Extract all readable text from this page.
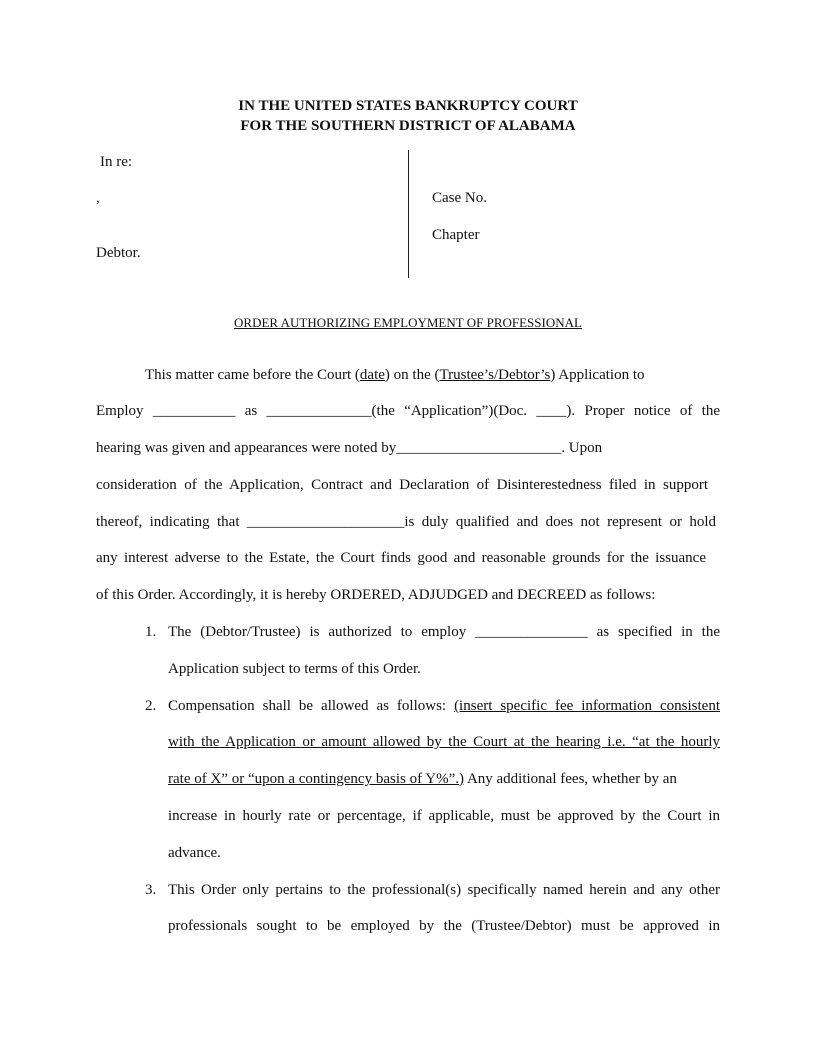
IN THE UNITED STATES BANKRUPTCY COURT
FOR THE SOUTHERN DISTRICT OF ALABAMA
In re:
,
Debtor.
Case No.
Chapter
ORDER AUTHORIZING EMPLOYMENT OF PROFESSIONAL
This matter came before the Court (date) on the (Trustee’s/Debtor’s) Application to
Employ ___________ as ______________(the “Application”)(Doc. ____). Proper notice of the
hearing was given and appearances were noted by______________________. Upon
consideration of the Application, Contract and Declaration of Disinterestedness filed in support
thereof, indicating that _____________________is duly qualified and does not represent or hold
any interest adverse to the Estate, the Court finds good and reasonable grounds for the issuance
of this Order. Accordingly, it is hereby ORDERED, ADJUDGED and DECREED as follows:
1. The (Debtor/Trustee) is authorized to employ _______________ as specified in the
Application subject to terms of this Order.
2. Compensation shall be allowed as follows: (insert specific fee information consistent
with the Application or amount allowed by the Court at the hearing i.e. “at the hourly
rate of X” or “upon a contingency basis of Y%”.) Any additional fees, whether by an
increase in hourly rate or percentage, if applicable, must be approved by the Court in
advance.
3. This Order only pertains to the professional(s) specifically named herein and any other
professionals sought to be employed by the (Trustee/Debtor) must be approved in
